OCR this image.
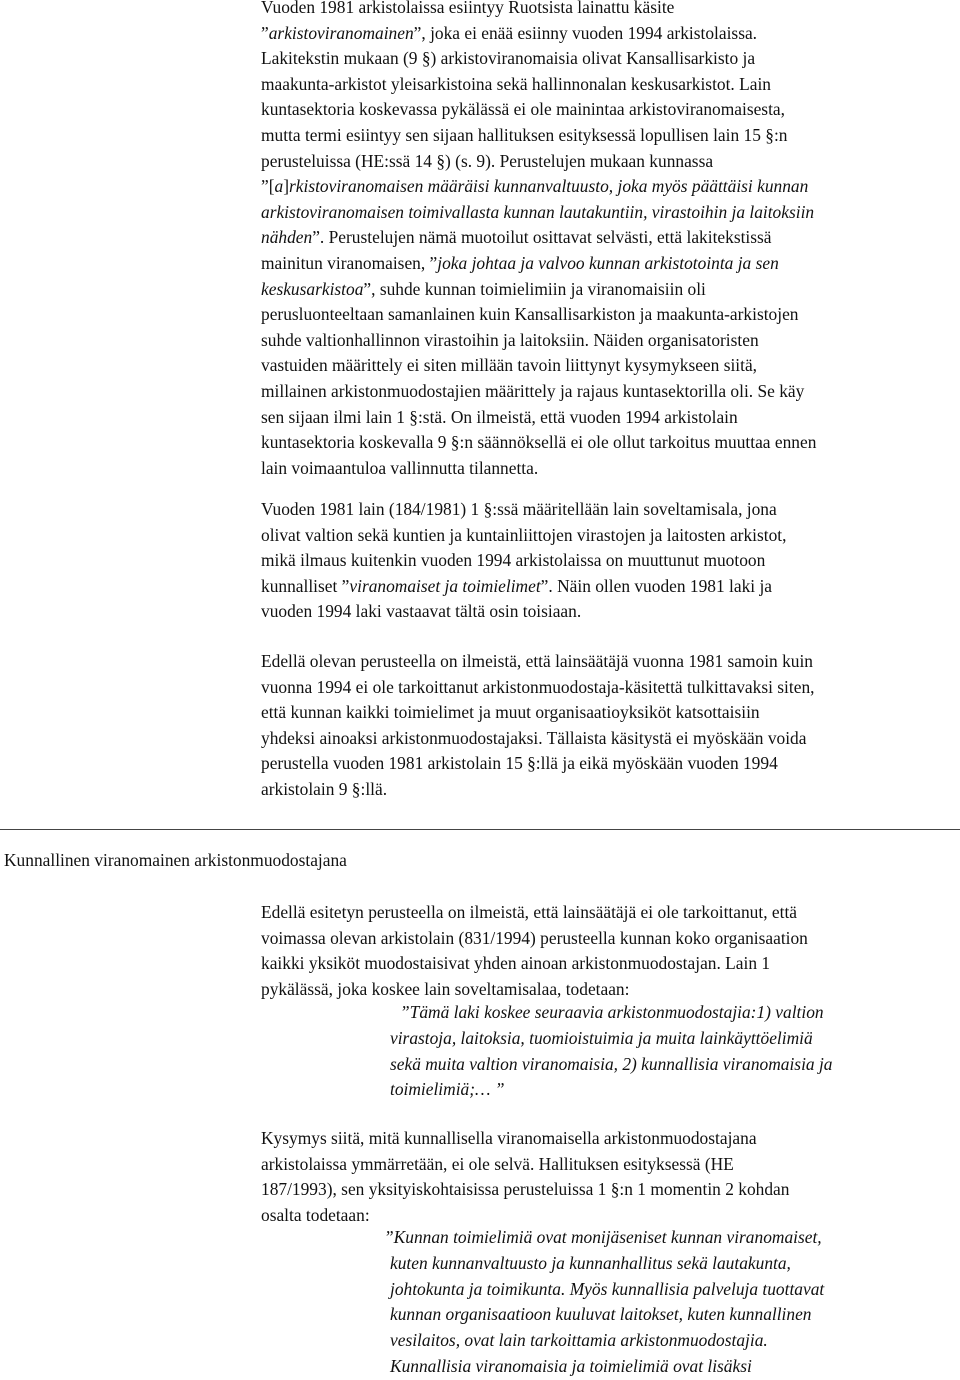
Vuoden 1981 arkistolaissa esiintyy Ruotsista lainattu käsite
”arkistoviranomainen”, joka ei enää esiinny vuoden 1994 arkistolaissa.
Lakitekstin mukaan (9 §) arkistoviranomaisia olivat Kansallisarkisto ja
maakunta-arkistot yleisarkistoina sekä hallinnonalan keskusarkistot. Lain
kuntasektoria koskevassa pykälässä ei ole mainintaa arkistoviranomaisesta,
mutta termi esiintyy sen sijaan hallituksen esityksessä lopullisen lain 15 §:n
perusteluissa (HE:ssä 14 §) (s. 9). Perustelujen mukaan kunnassa
”[a]rkistoviranomaisen määräisi kunnanvaltuusto, joka myös päättäisi kunnan
arkistoviranomaisen toimivallasta kunnan lautakuntiin, virastoihin ja laitoksiin
nähden”. Perustelujen nämä muotoilut osittavat selvästi, että lakitekstissä
mainitun viranomaisen, ”joka johtaa ja valvoo kunnan arkistotointa ja sen
keskusarkistoa”, suhde kunnan toimielimiin ja viranomaisiin oli
perusluonteeltaan samanlainen kuin Kansallisarkiston ja maakunta-arkistojen
suhde valtionhallinnon virastoihin ja laitoksiin. Näiden organisatoristen
vastuiden määrittely ei siten millään tavoin liittynyt kysymykseen siitä,
millainen arkistonmuodostajien määrittely ja rajaus kuntasektorilla oli. Se käy
sen sijaan ilmi lain 1 §:stä. On ilmeistä, että vuoden 1994 arkistolain
kuntasektoria koskevalla 9 §:n säännöksellä ei ole ollut tarkoitus muuttaa ennen
lain voimaantuloa vallinnutta tilannetta.
Vuoden 1981 lain (184/1981) 1 §:ssä määritellään lain soveltamisala, jona
olivat valtion sekä kuntien ja kuntainliittojen virastojen ja laitosten arkistot,
mikä ilmaus kuitenkin vuoden 1994 arkistolaissa on muuttunut muotoon
kunnalliset ”viranomaiset ja toimielimet”. Näin ollen vuoden 1981 laki ja
vuoden 1994 laki vastaavat tältä osin toisiaan.
Edellä olevan perusteella on ilmeistä, että lainsäätäjä vuonna 1981 samoin kuin
vuonna 1994 ei ole tarkoittanut arkistonmuodostaja-käsitettä tulkittavaksi siten,
että kunnan kaikki toimielimet ja muut organisaatioyksiköt katsottaisiin
yhdeksi ainoaksi arkistonmuodostajaksi. Tällaista käsitystä ei myöskään voida
perustella vuoden 1981 arkistolain 15 §:llä ja eikä myöskään vuoden 1994
arkistolain 9 §:llä.
Kunnallinen viranomainen arkistonmuodostajana
Edellä esitetyn perusteella on ilmeistä, että lainsäätäjä ei ole tarkoittanut, että
voimassa olevan arkistolain (831/1994) perusteella kunnan koko organisaation
kaikki yksiköt muodostaisivat yhden ainoan arkistonmuodostajan. Lain 1
pykälässä, joka koskee lain soveltamisalaa, todetaan:
”Tämä laki koskee seuraavia arkistonmuodostajia:1) valtion
virastoja, laitoksia, tuomioistuimia ja muita lainkäyttöelimiä
sekä muita valtion viranomaisia, 2) kunnallisia viranomaisia ja
toimielimiä;… ”
Kysymys siitä, mitä kunnallisella viranomaisella arkistonmuodostajana
arkistolaissa ymmärretään, ei ole selvä. Hallituksen esityksessä (HE
187/1993), sen yksityiskohtaisissa perusteluissa 1 §:n 1 momentin 2 kohdan
osalta todetaan:
”Kunnan toimielimiä ovat monijäseniset kunnan viranomaiset,
kuten kunnanvaltuusto ja kunnanhallitus sekä lautakunta,
johtokunta ja toimikunta. Myös kunnallisia palveluja tuottavat
kunnan organisaatioon kuuluvat laitokset, kuten kunnallinen
vesilaitos, ovat lain tarkoittamia arkistonmuodostajia.
Kunnallisia viranomaisia ja toimielimiä ovat lisäksi
